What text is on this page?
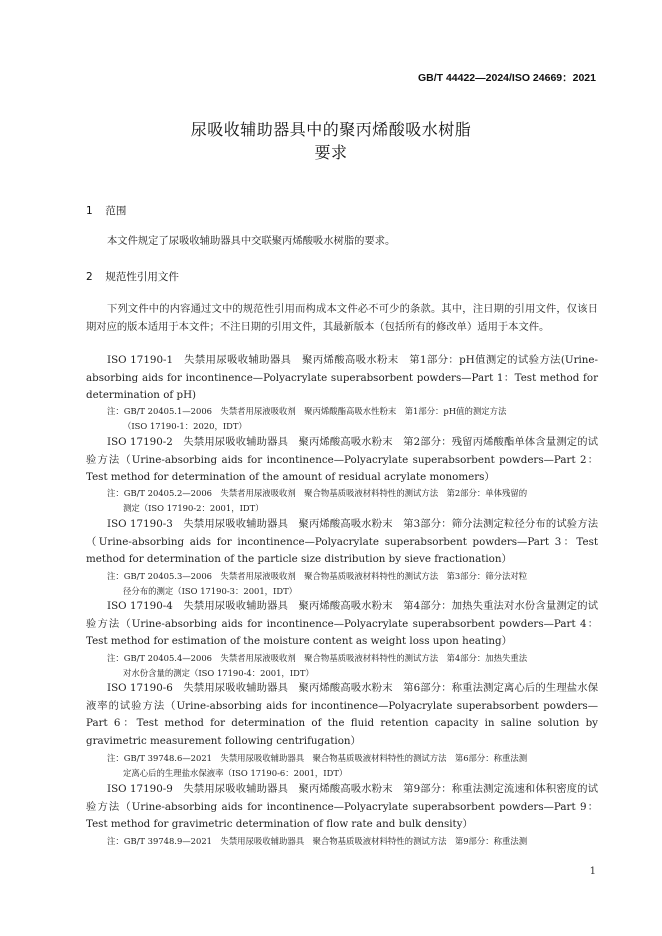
GB/T 44422—2024/ISO 24669：2021
尿吸收辅助器具中的聚丙烯酸吸水树脂
要求
1 范围
本文件规定了尿吸收辅助器具中交联聚丙烯酸吸水树脂的要求。
2 规范性引用文件
下列文件中的内容通过文中的规范性引用而构成本文件必不可少的条款。其中，注日期的引用文件，仅该日期对应的版本适用于本文件；不注日期的引用文件，其最新版本（包括所有的修改单）适用于本文件。
ISO 17190-1　失禁用尿吸收辅助器具　聚丙烯酸高吸水粉末　第1部分：pH值测定的试验方法(Urine-absorbing aids for incontinence—Polyacrylate superabsorbent powders—Part 1：Test method for determination of pH)
注：GB/T 20405.1—2006　失禁者用尿液吸收剂　聚丙烯酸酯高吸水性粉末　第1部分：pH值的测定方法
（ISO 17190-1：2020，IDT）
ISO 17190-2　失禁用尿吸收辅助器具　聚丙烯酸高吸水粉末　第2部分：残留丙烯酸酯单体含量测定的试验方法（Urine-absorbing aids for incontinence—Polyacrylate superabsorbent powders—Part 2：Test method for determination of the amount of residual acrylate monomers）
注：GB/T 20405.2—2006　失禁者用尿液吸收剂　聚合物基质吸液材料特性的测试方法　第2部分：单体残留的
测定（ISO 17190-2：2001，IDT）
ISO 17190-3　失禁用尿吸收辅助器具　聚丙烯酸高吸水粉末　第3部分：筛分法测定粒径分布的试验方法（Urine-absorbing aids for incontinence—Polyacrylate superabsorbent powders—Part 3：Test method for determination of the particle size distribution by sieve fractionation）
注：GB/T 20405.3—2006　失禁者用尿液吸收剂　聚合物基质吸液材料特性的测试方法　第3部分：筛分法对粒
径分布的测定（ISO 17190-3：2001，IDT）
ISO 17190-4　失禁用尿吸收辅助器具　聚丙烯酸高吸水粉末　第4部分：加热失重法对水份含量测定的试验方法（Urine-absorbing aids for incontinence—Polyacrylate superabsorbent powders—Part 4：Test method for estimation of the moisture content as weight loss upon heating）
注：GB/T 20405.4—2006　失禁者用尿液吸收剂　聚合物基质吸液材料特性的测试方法　第4部分：加热失重法
对水份含量的测定（ISO 17190-4：2001，IDT）
ISO 17190-6　失禁用尿吸收辅助器具　聚丙烯酸高吸水粉末　第6部分：称重法测定离心后的生理盐水保液率的试验方法（Urine-absorbing aids for incontinence—Polyacrylate superabsorbent powders—Part 6：Test method for determination of the fluid retention capacity in saline solution by gravimetric measurement following centrifugation）
注：GB/T 39748.6—2021　失禁用尿吸收辅助器具　聚合物基质吸液材料特性的测试方法　第6部分：称重法测
定离心后的生理盐水保液率（ISO 17190-6：2001，IDT）
ISO 17190-9　失禁用尿吸收辅助器具　聚丙烯酸高吸水粉末　第9部分：称重法测定流速和体积密度的试验方法（Urine-absorbing aids for incontinence—Polyacrylate superabsorbent powders—Part 9：Test method for gravimetric determination of flow rate and bulk density）
注：GB/T 39748.9—2021　失禁用尿吸收辅助器具　聚合物基质吸液材料特性的测试方法　第9部分：称重法测
1
